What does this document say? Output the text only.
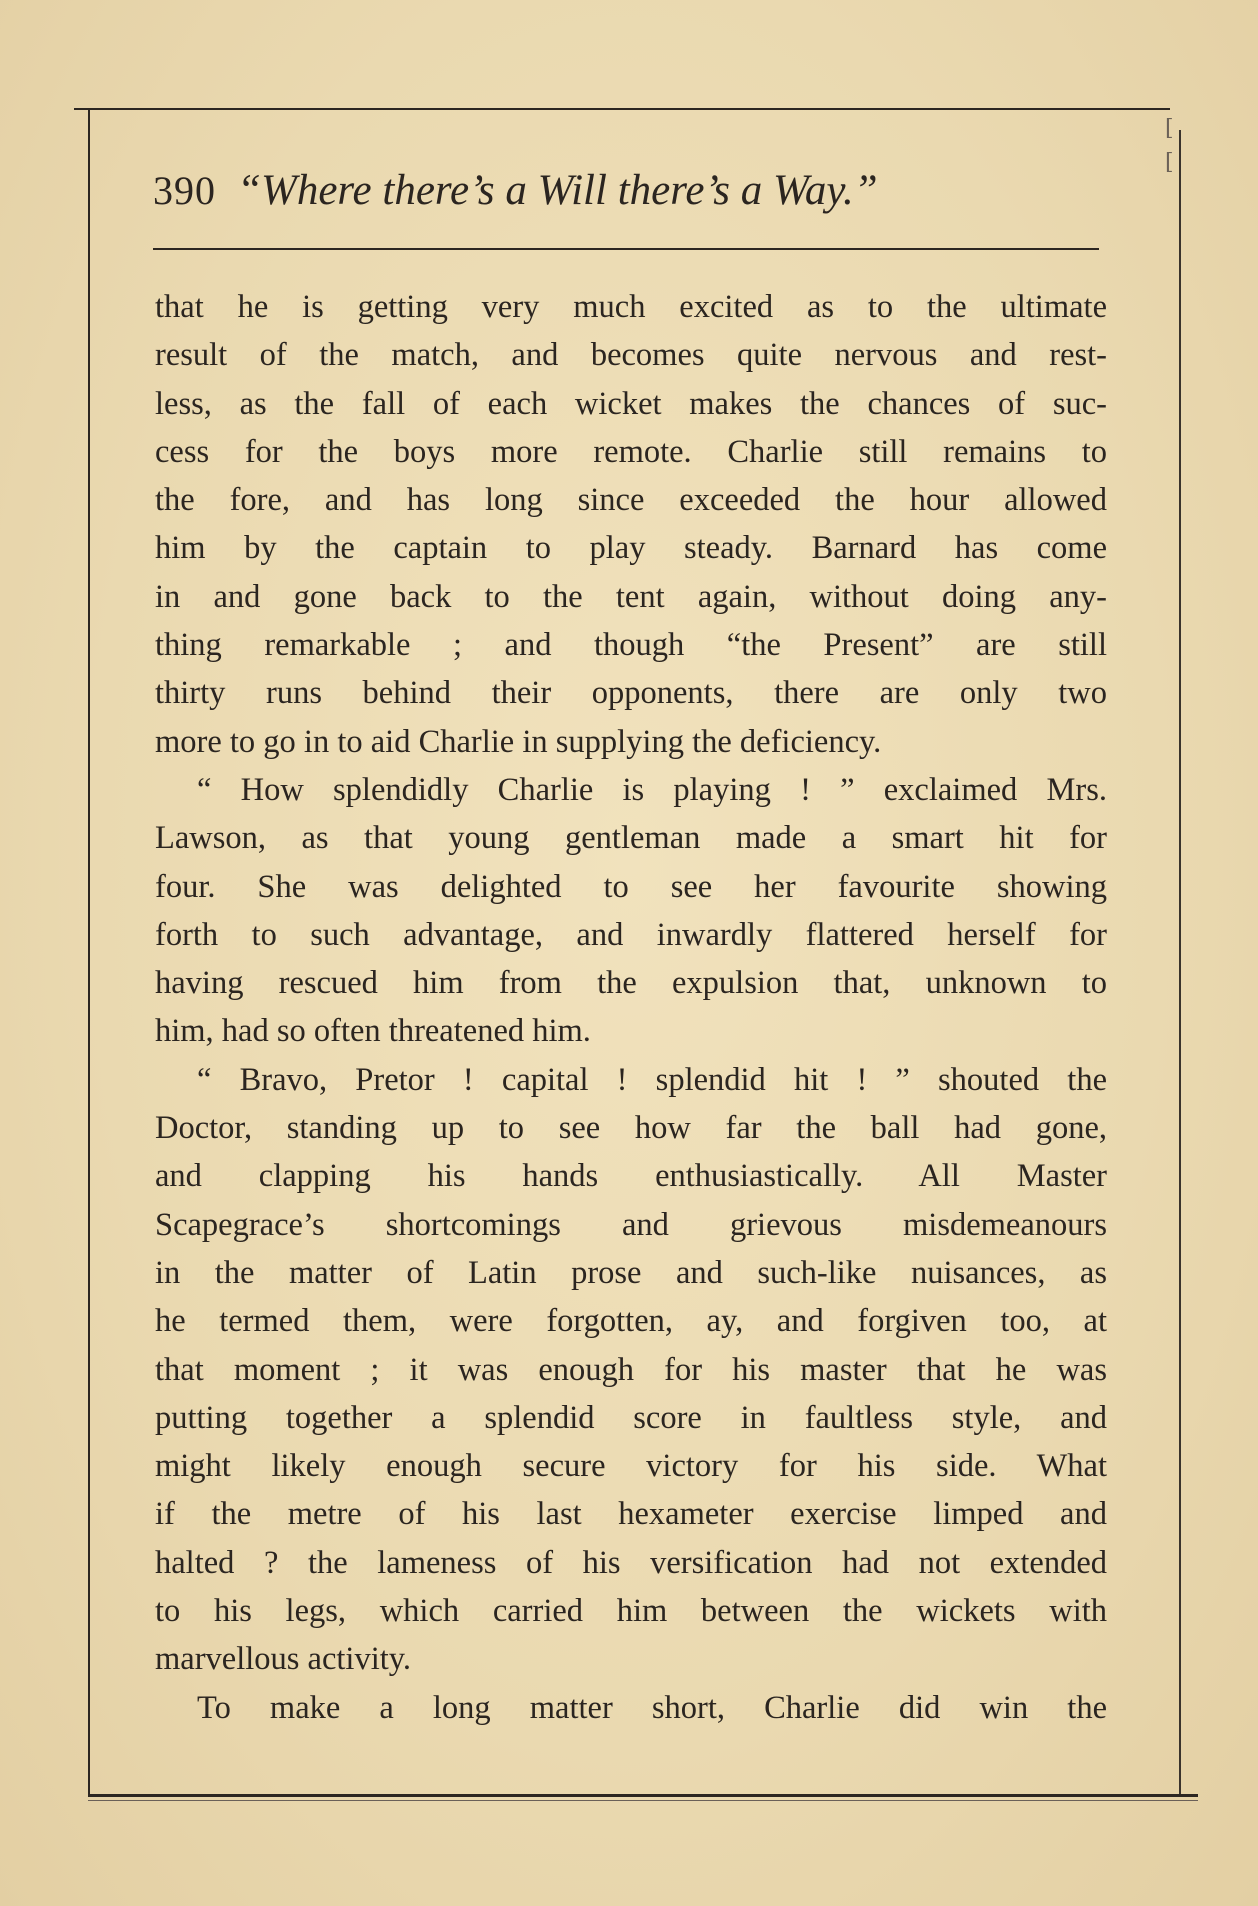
[
[
390 “Where there’s a Will there’s a Way.”
that he is getting very much excited as to the ultimate
result of the match, and becomes quite nervous and rest-
less, as the fall of each wicket makes the chances of suc-
cess for the boys more remote. Charlie still remains to
the fore, and has long since exceeded the hour allowed
him by the captain to play steady. Barnard has come
in and gone back to the tent again, without doing any-
thing remarkable ; and though “the Present” are still
thirty runs behind their opponents, there are only two
more to go in to aid Charlie in supplying the deficiency.
“ How splendidly Charlie is playing ! ” exclaimed Mrs.
Lawson, as that young gentleman made a smart hit for
four. She was delighted to see her favourite showing
forth to such advantage, and inwardly flattered herself for
having rescued him from the expulsion that, unknown to
him, had so often threatened him.
“ Bravo, Pretor ! capital ! splendid hit ! ” shouted the
Doctor, standing up to see how far the ball had gone,
and clapping his hands enthusiastically. All Master
Scapegrace’s shortcomings and grievous misdemeanours
in the matter of Latin prose and such-like nuisances, as
he termed them, were forgotten, ay, and forgiven too, at
that moment ; it was enough for his master that he was
putting together a splendid score in faultless style, and
might likely enough secure victory for his side. What
if the metre of his last hexameter exercise limped and
halted ? the lameness of his versification had not extended
to his legs, which carried him between the wickets with
marvellous activity.
To make a long matter short, Charlie did win the
